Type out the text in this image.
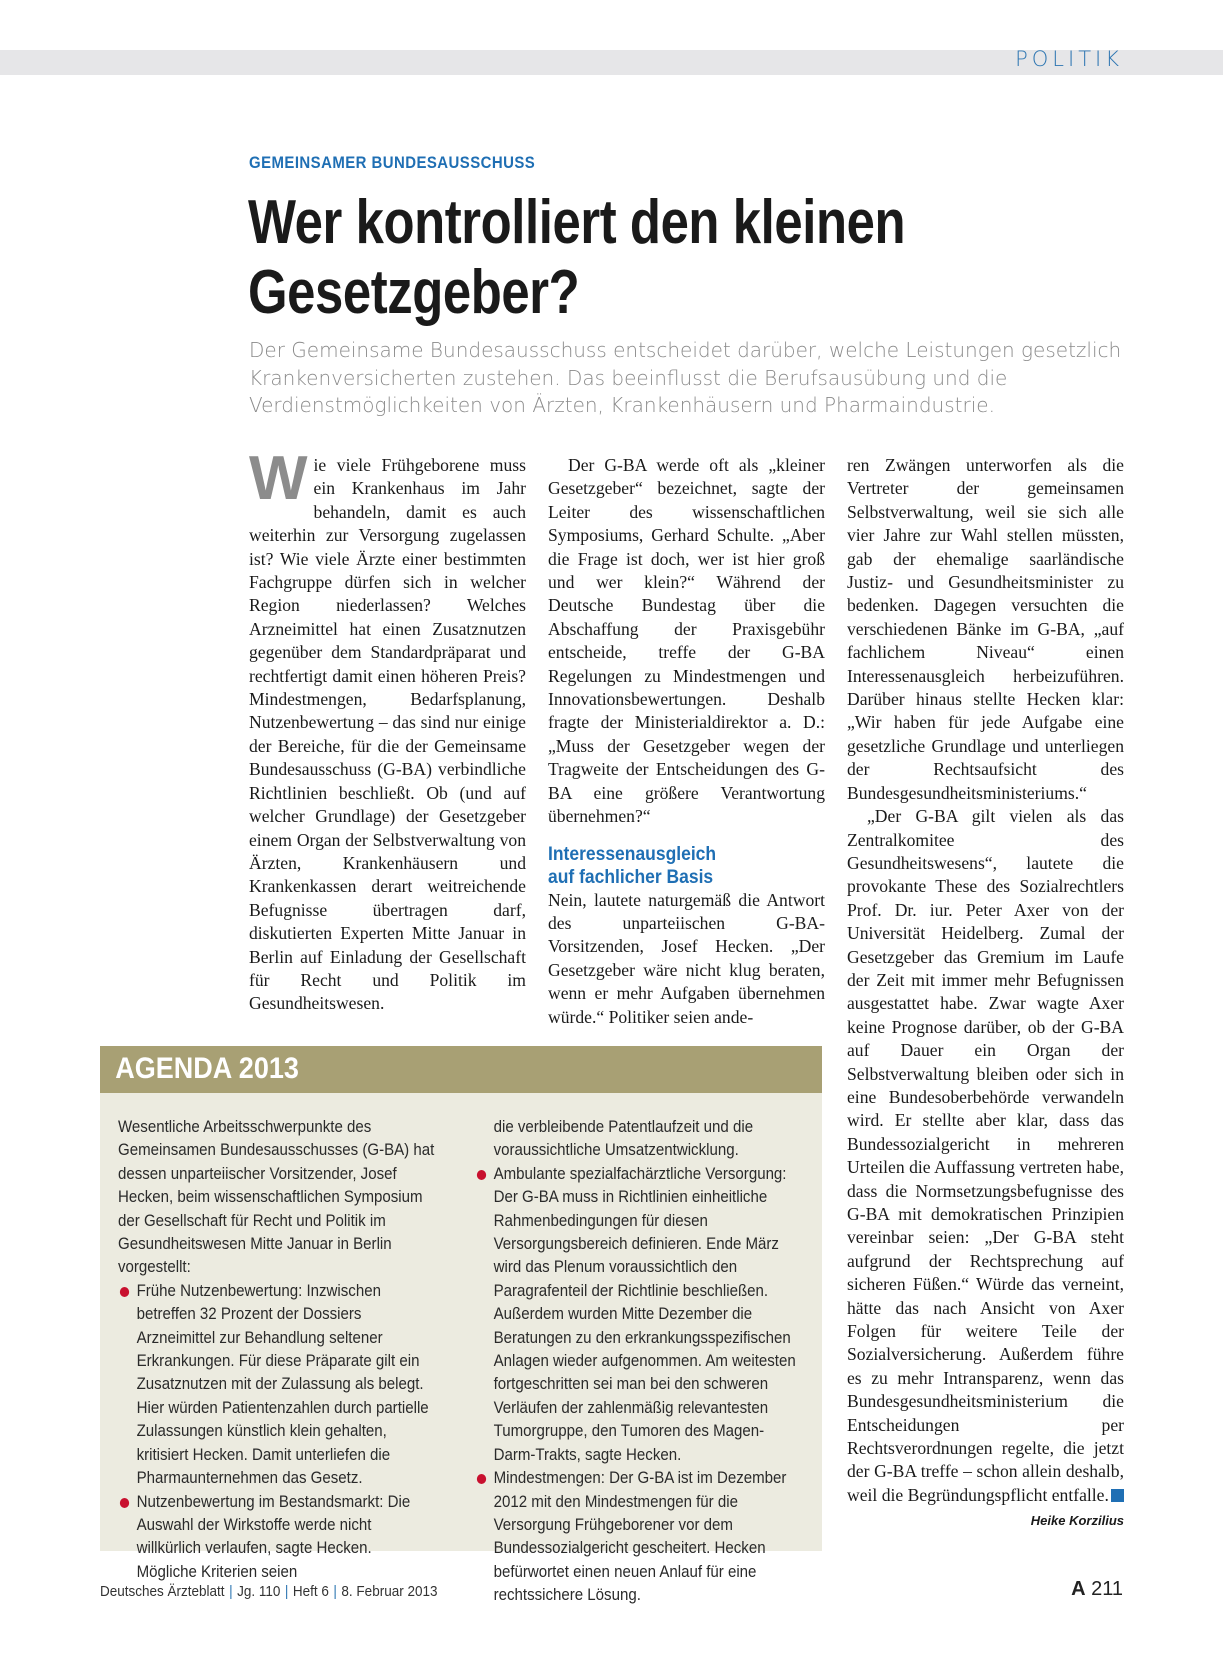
POLITIK
GEMEINSAMER BUNDESAUSSCHUSS
Wer kontrolliert den kleinen
Gesetzgeber?
Der Gemeinsame Bundesausschuss entscheidet darüber, welche Leistungen gesetzlich Krankenversicherten zustehen. Das beeinflusst die Berufsausübung und die Verdienstmöglichkeiten von Ärzten, Krankenhäusern und Pharmaindustrie.

Wie viele Frühgeborene muss ein Krankenhaus im Jahr behandeln, damit es auch weiterhin zur Versorgung zugelassen ist? Wie viele Ärzte einer bestimmten Fachgruppe dürfen sich in welcher Region niederlassen? Welches Arzneimittel hat einen Zusatznutzen gegenüber dem Standardpräparat und rechtfertigt damit einen höheren Preis? Mindestmengen, Bedarfsplanung, Nutzenbewertung – das sind nur einige der Bereiche, für die der Gemeinsame Bundesausschuss (G-BA) verbindliche Richtlinien beschließt. Ob (und auf welcher Grundlage) der Gesetzgeber einem Organ der Selbstverwaltung von Ärzten, Krankenhäusern und Krankenkassen derart weitreichende Befugnisse übertragen darf, diskutierten Experten Mitte Januar in Berlin auf Einladung der Gesellschaft für Recht und Politik im Gesundheitswesen.

Der G-BA werde oft als „kleiner Gesetzgeber“ bezeichnet, sagte der Leiter des wissenschaftlichen Symposiums, Gerhard Schulte. „Aber die Frage ist doch, wer ist hier groß und wer klein?“ Während der Deutsche Bundestag über die Abschaffung der Praxisgebühr entscheide, treffe der G-BA Regelungen zu Mindestmengen und Innovationsbewertungen. Deshalb fragte der Ministerialdirektor a. D.: „Muss der Gesetzgeber wegen der Tragweite der Entscheidungen des G-BA eine größere Verantwortung übernehmen?“

Interessenausgleich
auf fachlicher Basis

Nein, lautete naturgemäß die Antwort des unparteiischen G-BA-Vorsitzenden, Josef Hecken. „Der Gesetzgeber wäre nicht klug beraten, wenn er mehr Aufgaben übernehmen würde.“ Politiker seien ande-

ren Zwängen unterworfen als die Vertreter der gemeinsamen Selbstverwaltung, weil sie sich alle vier Jahre zur Wahl stellen müssten, gab der ehemalige saarländische Justiz- und Gesundheitsminister zu bedenken. Dagegen versuchten die verschiedenen Bänke im G-BA, „auf fachlichem Niveau“ einen Interessenausgleich herbeizuführen. Darüber hinaus stellte Hecken klar: „Wir haben für jede Aufgabe eine gesetzliche Grundlage und unterliegen der Rechtsaufsicht des Bundesgesundheitsministeriums.“

„Der G-BA gilt vielen als das Zentralkomitee des Gesundheitswesens“, lautete die provokante These des Sozialrechtlers Prof. Dr. iur. Peter Axer von der Universität Heidelberg. Zumal der Gesetzgeber das Gremium im Laufe der Zeit mit immer mehr Befugnissen ausgestattet habe. Zwar wagte Axer keine Prognose darüber, ob der G-BA auf Dauer ein Organ der Selbstverwaltung bleiben oder sich in eine Bundesoberbehörde verwandeln wird. Er stellte aber klar, dass das Bundessozialgericht in mehreren Urteilen die Auffassung vertreten habe, dass die Normsetzungsbefugnisse des G-BA mit demokratischen Prinzipien vereinbar seien: „Der G-BA steht aufgrund der Rechtsprechung auf sicheren Füßen.“ Würde das verneint, hätte das nach Ansicht von Axer Folgen für weitere Teile der Sozialversicherung. Außerdem führe es zu mehr Intransparenz, wenn das Bundesgesundheitsministerium die Entscheidungen per Rechtsverordnungen regelte, die jetzt der G-BA treffe – schon allein deshalb, weil die Begründungspflicht entfalle.

Heike Korzilius
AGENDA 2013

Wesentliche Arbeitsschwerpunkte des Gemeinsamen Bundesausschusses (G-BA) hat dessen unparteiischer Vorsitzender, Josef Hecken, beim wissenschaftlichen Symposium der Gesellschaft für Recht und Politik im Gesundheitswesen Mitte Januar in Berlin vorgestellt:

Frühe Nutzenbewertung: Inzwischen betreffen 32 Prozent der Dossiers Arzneimittel zur Behandlung seltener Erkrankungen. Für diese Präparate gilt ein Zusatznutzen mit der Zulassung als belegt. Hier würden Patientenzahlen durch partielle Zulassungen künstlich klein gehalten, kritisiert Hecken. Damit unterliefen die Pharmaunternehmen das Gesetz.
Nutzenbewertung im Bestandsmarkt: Die Auswahl der Wirkstoffe werde nicht willkürlich verlaufen, sagte Hecken. Mögliche Kriterien seien
die verbleibende Patentlaufzeit und die voraussichtliche Umsatzentwicklung.
Ambulante spezialfachärztliche Versorgung: Der G-BA muss in Richtlinien einheitliche Rahmenbedingungen für diesen Versorgungsbereich definieren. Ende März wird das Plenum voraussichtlich den Paragrafenteil der Richtlinie beschließen. Außerdem wurden Mitte Dezember die Beratungen zu den erkrankungsspezifischen Anlagen wieder aufgenommen. Am weitesten fortgeschritten sei man bei den schweren Verläufen der zahlenmäßig relevantesten Tumorgruppe, den Tumoren des Magen-Darm-Trakts, sagte Hecken.
Mindestmengen: Der G-BA ist im Dezember 2012 mit den Mindestmengen für die Versorgung Frühgeborener vor dem Bundessozialgericht gescheitert. Hecken befürwortet einen neuen Anlauf für eine rechtssichere Lösung.
Deutsches Ärzteblatt | Jg. 110 | Heft 6 | 8. Februar 2013	A 211
